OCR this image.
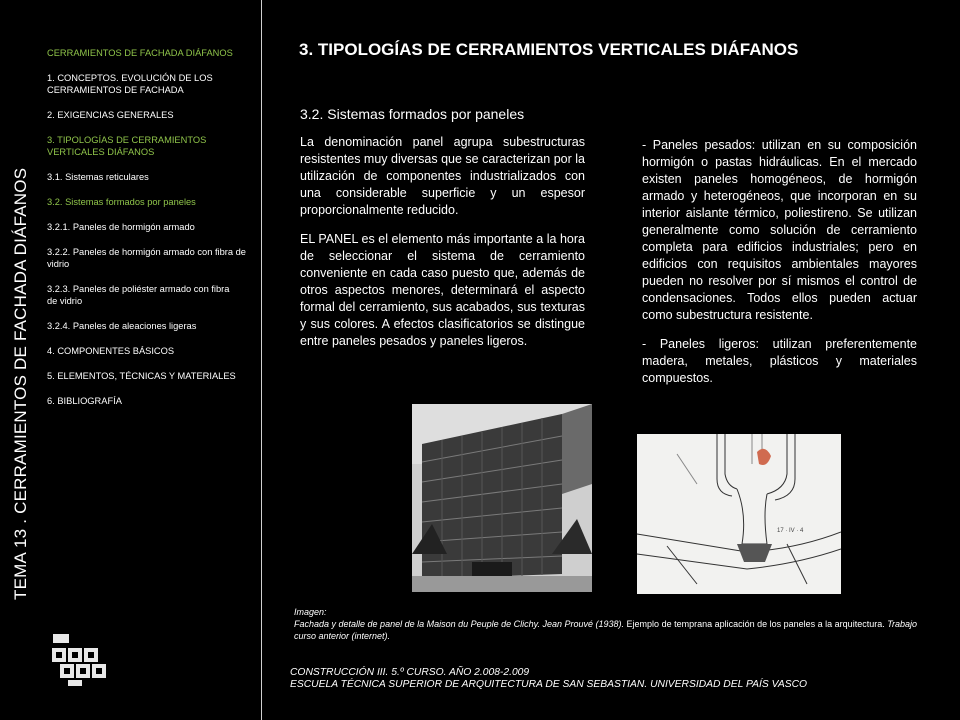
TEMA 13 . CERRAMIENTOS DE FACHADA DIÁFANOS
CERRAMIENTOS DE FACHADA DIÁFANOS
1. CONCEPTOS. EVOLUCIÓN DE LOS CERRAMIENTOS DE FACHADA
2. EXIGENCIAS GENERALES
3. TIPOLOGÍAS DE CERRAMIENTOS VERTICALES DIÁFANOS
3.1. Sistemas reticulares
3.2. Sistemas formados por paneles
3.2.1. Paneles de hormigón armado
3.2.2. Paneles de hormigón armado con fibra de vidrio
3.2.3. Paneles de poliéster armado con fibra
de vidrio
3.2.4. Paneles de aleaciones ligeras
4. COMPONENTES BÁSICOS
5. ELEMENTOS, TÉCNICAS Y MATERIALES
6. BIBLIOGRAFÍA
3. TIPOLOGÍAS DE CERRAMIENTOS VERTICALES DIÁFANOS
3.2. Sistemas formados por paneles

La denominación panel agrupa subestructuras resistentes muy diversas que se caracterizan por la utilización de componentes industrializados con una considerable superficie y un espesor proporcionalmente reducido.

EL PANEL es el elemento más importante a la hora de seleccionar el sistema de cerramiento conveniente en cada caso puesto que, además de otros aspectos menores, determinará el aspecto formal del cerramiento, sus acabados, sus texturas y sus colores. A efectos clasificatorios se distingue entre paneles pesados y paneles ligeros.

- Paneles pesados: utilizan en su composición hormigón o pastas hidráulicas. En el mercado existen paneles homogéneos, de hormigón armado y heterogéneos, que incorporan en su interior aislante térmico, poliestireno. Se utilizan generalmente como solución de cerramiento completa para edificios industriales; pero en edificios con requisitos ambientales mayores pueden no resolver por sí mismos el control de condensaciones. Todos ellos pueden actuar como subestructura resistente.

- Paneles ligeros: utilizan preferentemente madera, metales, plásticos y materiales compuestos.

17 · IV · 4
Imagen:
Fachada y detalle de panel de la Maison du Peuple de Clichy. Jean Prouvé (1938). Ejemplo de temprana aplicación de los paneles a la arquitectura. Trabajo curso anterior (internet).
CONSTRUCCIÓN III. 5.º CURSO. AÑO 2.008-2.009
ESCUELA TÉCNICA SUPERIOR DE ARQUITECTURA DE SAN SEBASTIAN. UNIVERSIDAD DEL PAÍS VASCO
